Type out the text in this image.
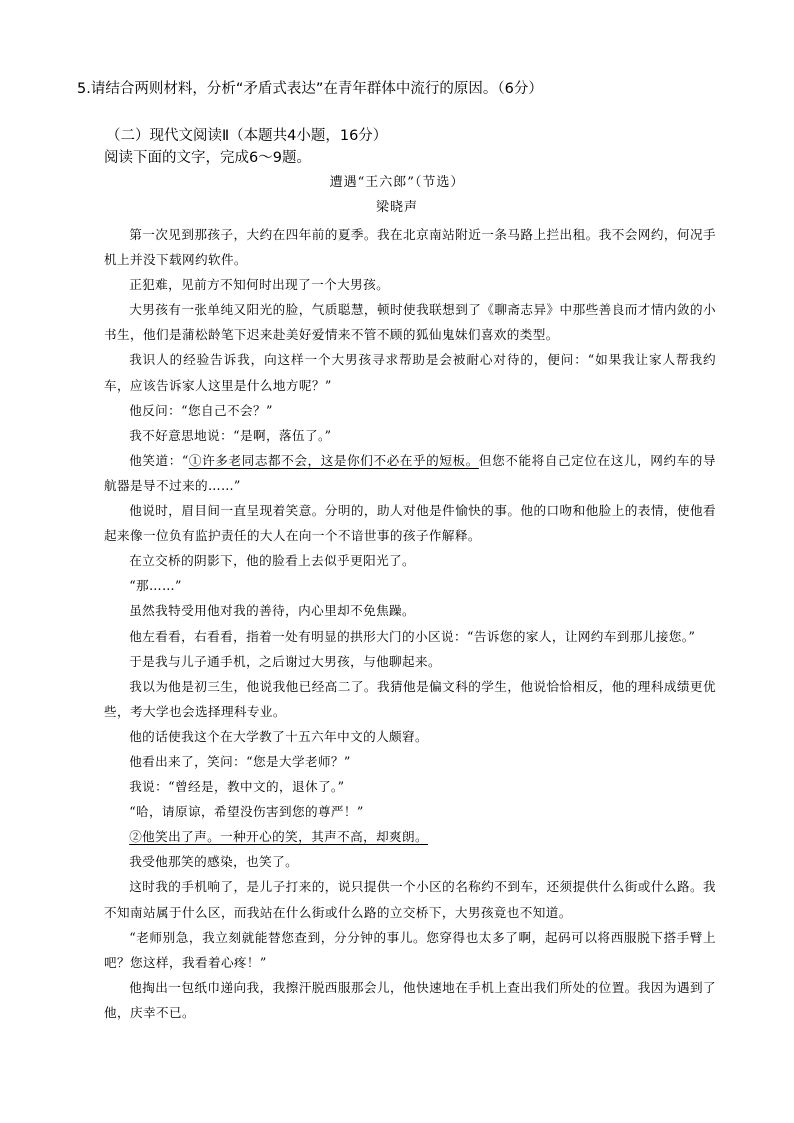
5.请结合两则材料，分析“矛盾式表达”在青年群体中流行的原因。（6分）
（二）现代文阅读Ⅱ（本题共4小题，16分）
阅读下面的文字，完成6～9题。
遭遇“王六郎”（节选）
梁晓声

第一次见到那孩子，大约在四年前的夏季。我在北京南站附近一条马路上拦出租。我不会网约，何况手机上并没下载网约软件。

正犯难，见前方不知何时出现了一个大男孩。

大男孩有一张单纯又阳光的脸，气质聪慧，顿时使我联想到了《聊斋志异》中那些善良而才情内敛的小书生，他们是蒲松龄笔下迟来赴美好爱情来不管不顾的狐仙鬼妹们喜欢的类型。

我识人的经验告诉我，向这样一个大男孩寻求帮助是会被耐心对待的，便问：“如果我让家人帮我约车，应该告诉家人这里是什么地方呢？”

他反问：“您自己不会？”

我不好意思地说：“是啊，落伍了。”

他笑道：“①许多老同志都不会，这是你们不必在乎的短板。但您不能将自己定位在这儿，网约车的导航器是导不过来的……”

他说时，眉目间一直呈现着笑意。分明的，助人对他是件愉快的事。他的口吻和他脸上的表情，使他看起来像一位负有监护责任的大人在向一个不谙世事的孩子作解释。

在立交桥的阴影下，他的脸看上去似乎更阳光了。

“那……”

虽然我特受用他对我的善待，内心里却不免焦躁。

他左看看，右看看，指着一处有明显的拱形大门的小区说：“告诉您的家人，让网约车到那儿接您。”

于是我与儿子通手机，之后谢过大男孩，与他聊起来。

我以为他是初三生，他说我他已经高二了。我猜他是偏文科的学生，他说恰恰相反，他的理科成绩更优些，考大学也会选择理科专业。

他的话使我这个在大学教了十五六年中文的人颇窘。

他看出来了，笑问：“您是大学老师？”

我说：“曾经是，教中文的，退休了。”

“哈，请原谅，希望没伤害到您的尊严！”

②他笑出了声。一种开心的笑，其声不高，却爽朗。

我受他那笑的感染，也笑了。

这时我的手机响了，是儿子打来的，说只提供一个小区的名称约不到车，还须提供什么街或什么路。我不知南站属于什么区，而我站在什么街或什么路的立交桥下，大男孩竟也不知道。

“老师别急，我立刻就能替您查到，分分钟的事儿。您穿得也太多了啊，起码可以将西服脱下搭手臂上吧？您这样，我看着心疼！”

他掏出一包纸巾递向我，我擦汗脱西服那会儿，他快速地在手机上查出我们所处的位置。我因为遇到了他，庆幸不已。
